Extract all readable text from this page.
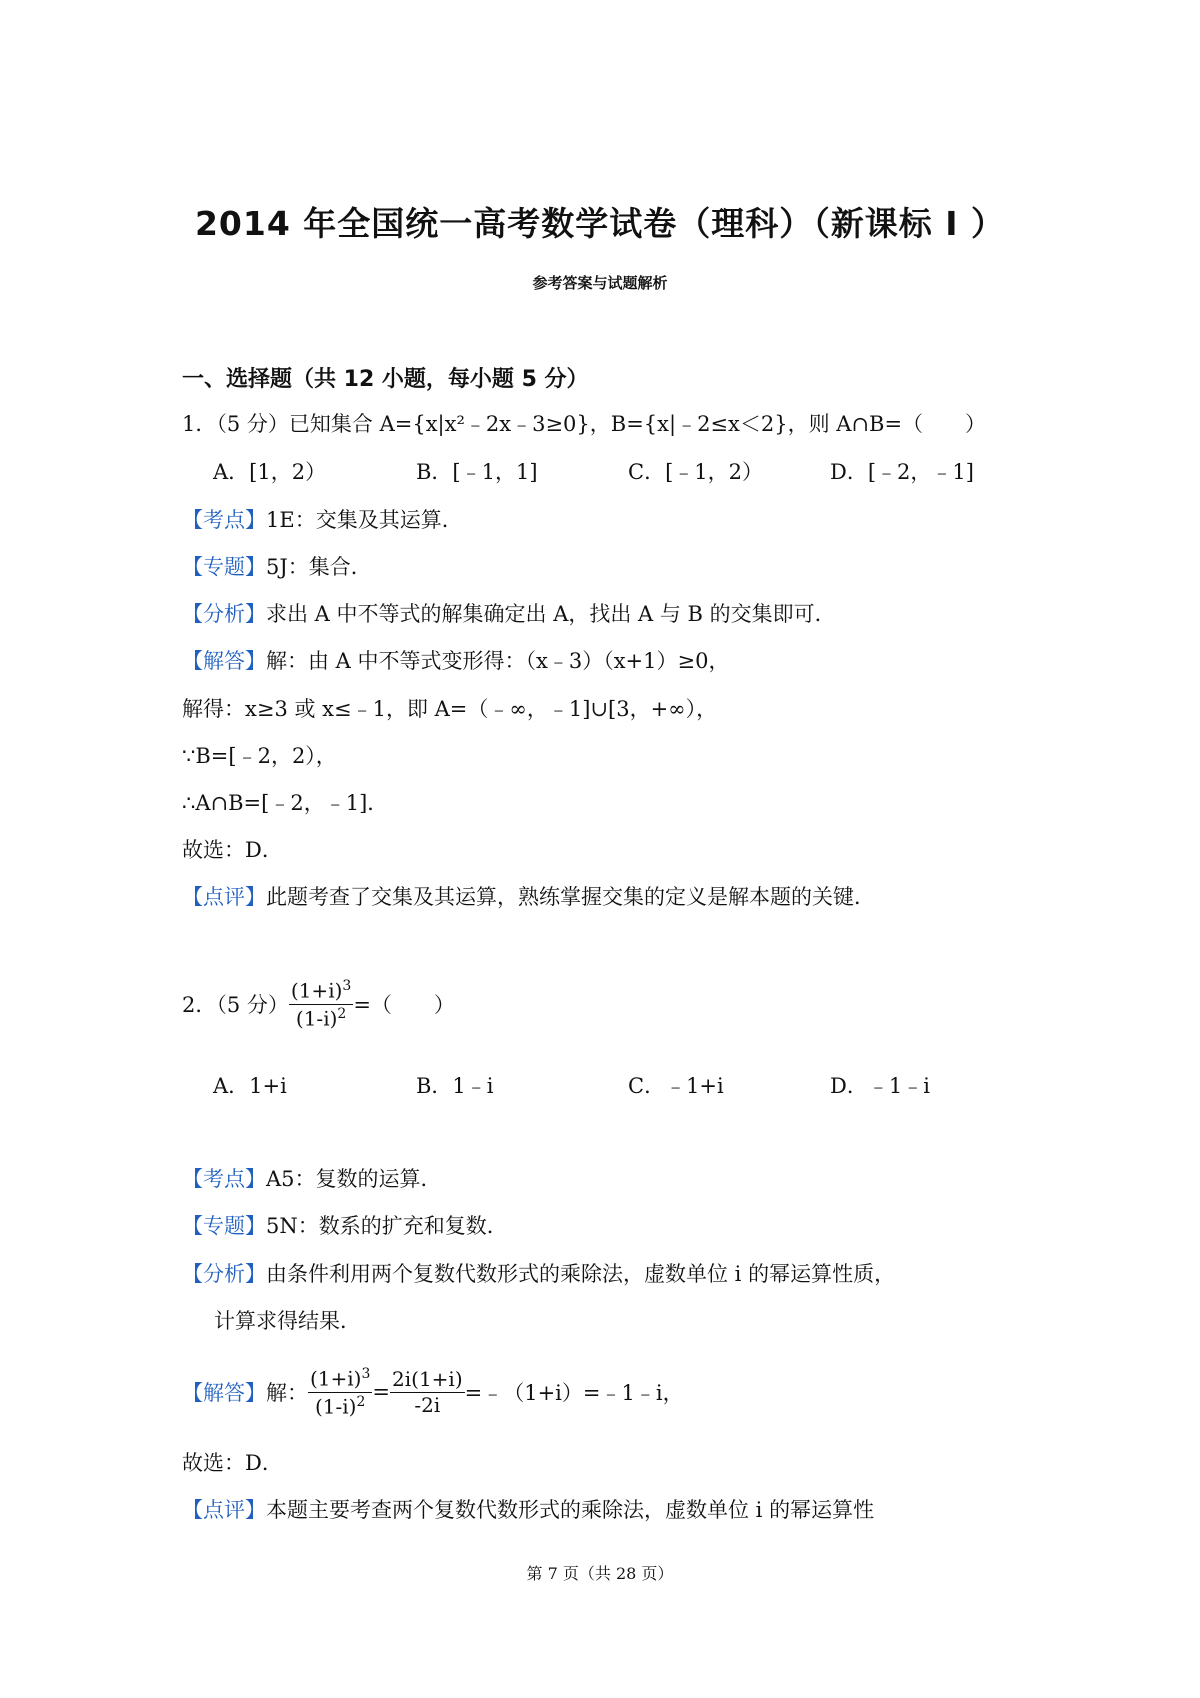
2014 年全国统一高考数学试卷（理科）（新课标 I ）
参考答案与试题解析
一、选择题（共 12 小题，每小题 5 分）
1．（5 分）已知集合 A={x|x²﹣2x﹣3≥0}，B={x|﹣2≤x＜2}，则 A∩B=（　　）
A．[1，2）	B．[﹣1，1]	C．[﹣1，2）	D．[﹣2，﹣1]
【考点】1E：交集及其运算．
【专题】5J：集合．
【分析】求出 A 中不等式的解集确定出 A，找出 A 与 B 的交集即可．
【解答】解：由 A 中不等式变形得：（x﹣3）（x+1）≥0，
解得：x≥3 或 x≤﹣1，即 A=（﹣∞，﹣1]∪[3，+∞），
∵B=[﹣2，2），
∴A∩B=[﹣2，﹣1]．
故选：D．
【点评】此题考查了交集及其运算，熟练掌握交集的定义是解本题的关键．
2．（5 分） $\frac{(1+i)^3}{(1-i)^2}$ =（　　）
A．1+i	B．1﹣i	C．﹣1+i	D．﹣1﹣i
【考点】A5：复数的运算．
【专题】5N：数系的扩充和复数．
【分析】由条件利用两个复数代数形式的乘除法，虚数单位 i 的幂运算性质，
计算求得结果．
【解答】 解： $\frac{(1+i)^3}{(1-i)^2} = \frac{2i(1+i)}{-2i}$ =﹣（1+i）=﹣1﹣i，
故选：D．
【点评】本题主要考查两个复数代数形式的乘除法，虚数单位 i 的幂运算性
第 7 页（共 28 页）
